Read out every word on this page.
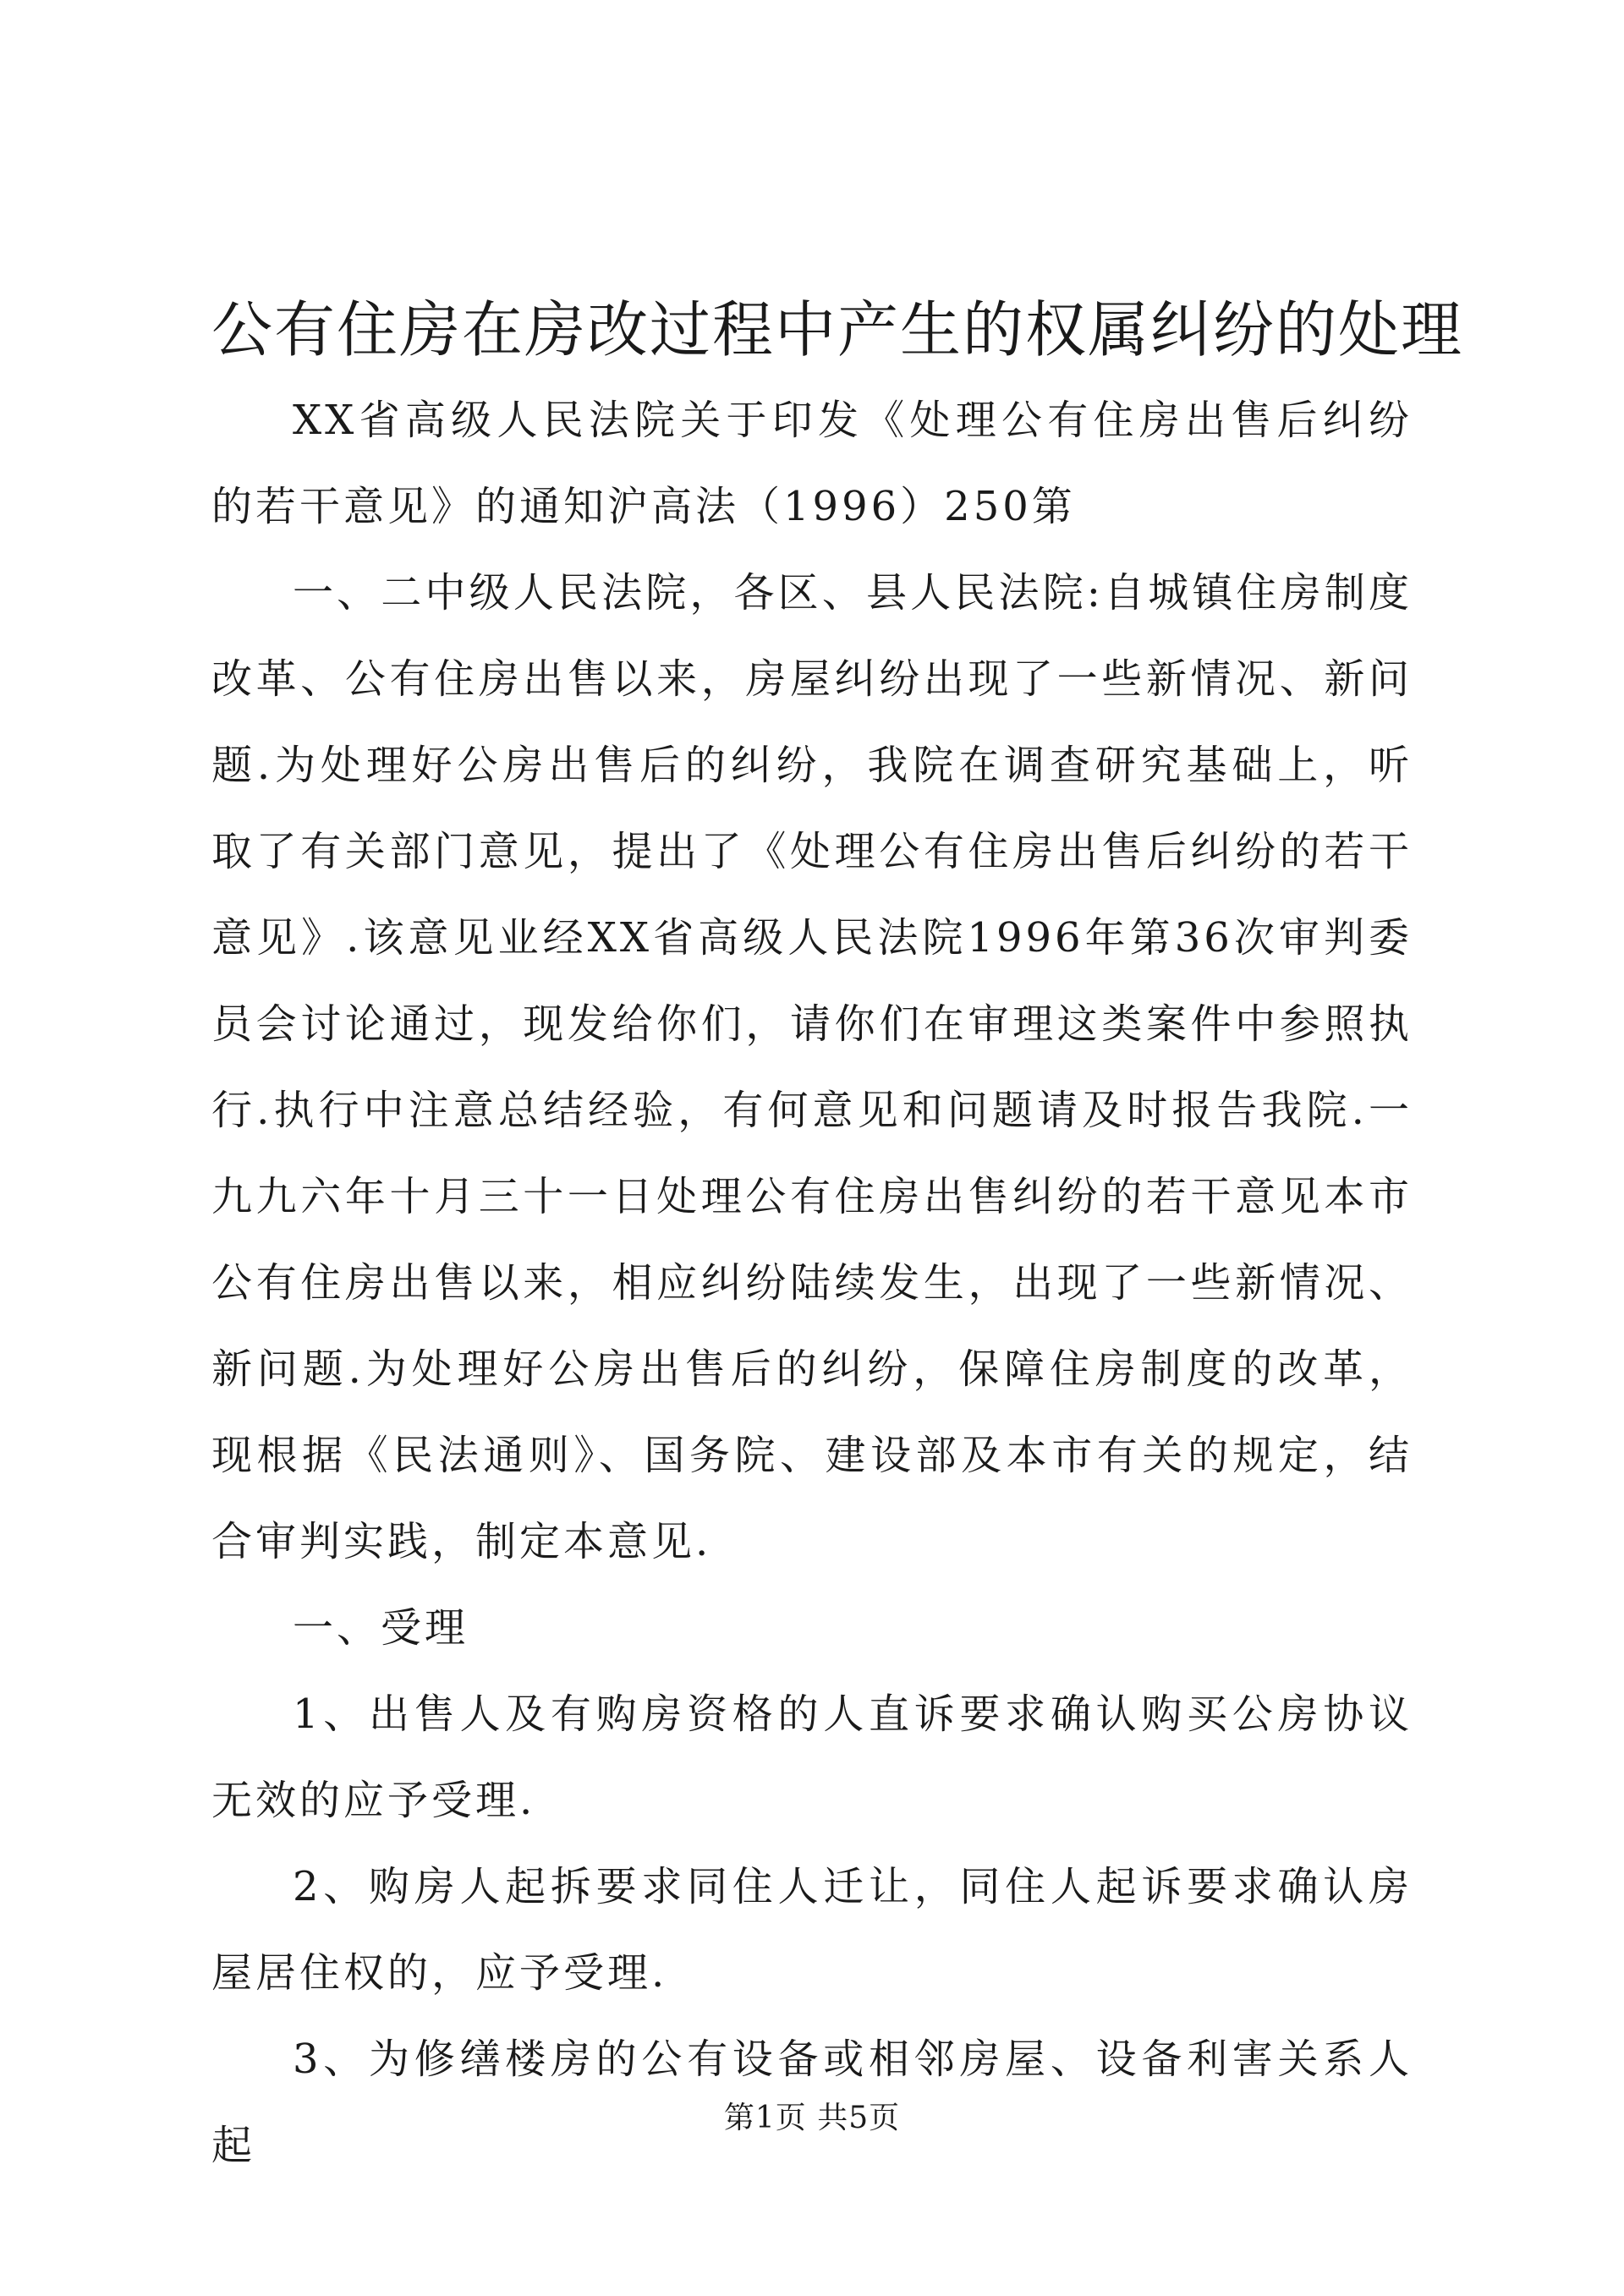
公有住房在房改过程中产生的权属纠纷的处理

XX省高级人民法院关于印发《处理公有住房出售后纠纷的若干意见》的通知沪高法（1996）250第

一、二中级人民法院，各区、县人民法院:自城镇住房制度改革、公有住房出售以来，房屋纠纷出现了一些新情况、新问题.为处理好公房出售后的纠纷，我院在调查研究基础上，听取了有关部门意见，提出了《处理公有住房出售后纠纷的若干意见》.该意见业经XX省高级人民法院1996年第36次审判委员会讨论通过，现发给你们，请你们在审理这类案件中参照执行.执行中注意总结经验，有何意见和问题请及时报告我院.一九九六年十月三十一日处理公有住房出售纠纷的若干意见本市公有住房出售以来，相应纠纷陆续发生，出现了一些新情况、新问题.为处理好公房出售后的纠纷，保障住房制度的改革，现根据《民法通则》、国务院、建设部及本市有关的规定，结合审判实践，制定本意见.

一、受理

1、出售人及有购房资格的人直诉要求确认购买公房协议无效的应予受理.

2、购房人起拆要求同住人迁让，同住人起诉要求确认房屋居住权的，应予受理.

3、为修缮楼房的公有设备或相邻房屋、设备利害关系人起

第1页 共5页
